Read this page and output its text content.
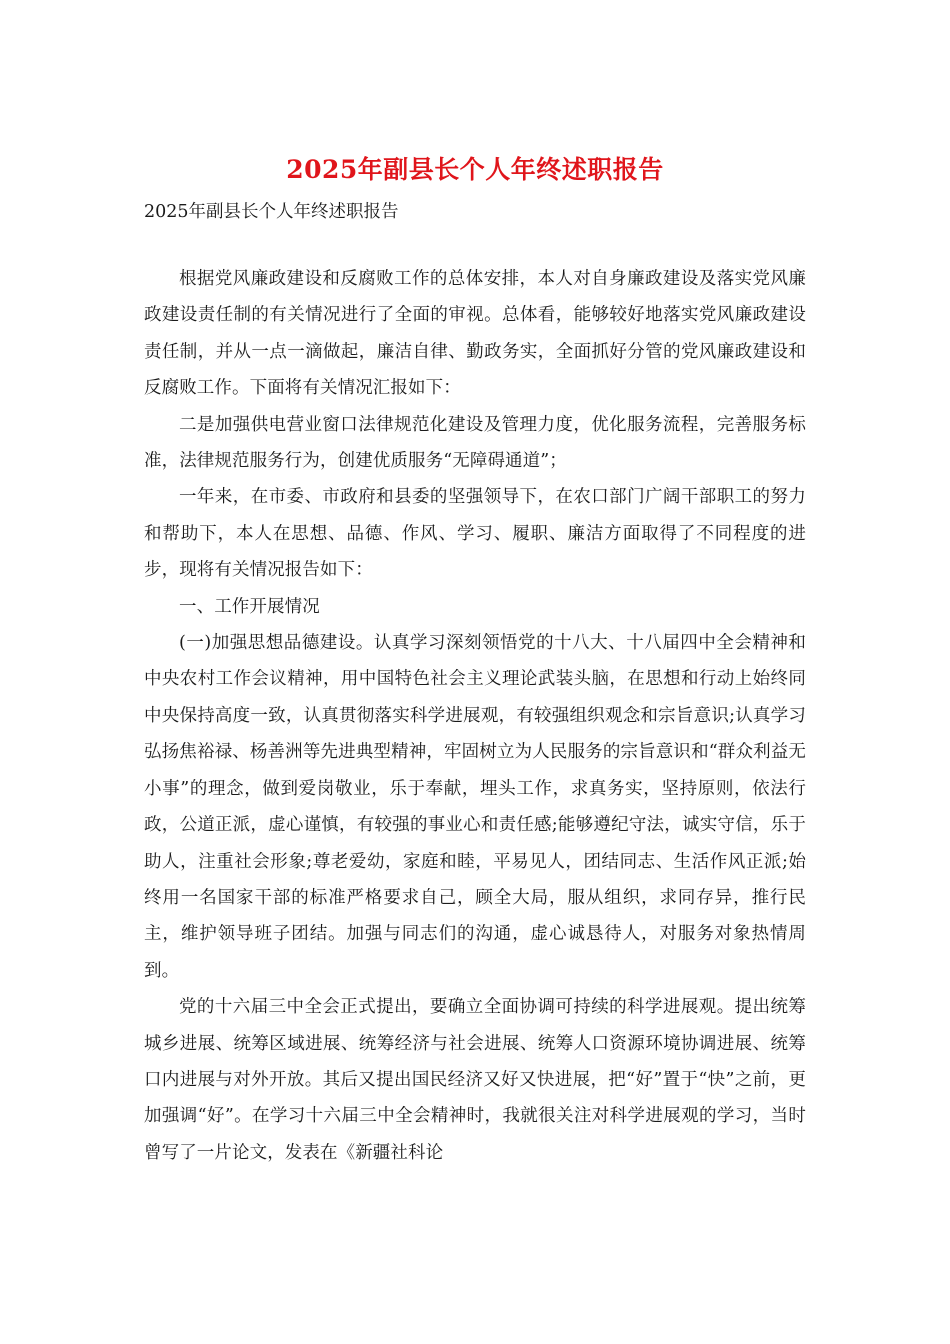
2025年副县长个人年终述职报告

2025年副县长个人年终述职报告

根据党风廉政建设和反腐败工作的总体安排，本人对自身廉政建设及落实党风廉政建设责任制的有关情况进行了全面的审视。总体看，能够较好地落实党风廉政建设责任制，并从一点一滴做起，廉洁自律、勤政务实，全面抓好分管的党风廉政建设和反腐败工作。下面将有关情况汇报如下：

二是加强供电营业窗口法律规范化建设及管理力度，优化服务流程，完善服务标准，法律规范服务行为，创建优质服务“无障碍通道”；

一年来，在市委、市政府和县委的坚强领导下，在农口部门广阔干部职工的努力和帮助下，本人在思想、品德、作风、学习、履职、廉洁方面取得了不同程度的进步，现将有关情况报告如下：

一、工作开展情况

(一)加强思想品德建设。认真学习深刻领悟党的十八大、十八届四中全会精神和中央农村工作会议精神，用中国特色社会主义理论武装头脑，在思想和行动上始终同中央保持高度一致，认真贯彻落实科学进展观，有较强组织观念和宗旨意识;认真学习弘扬焦裕禄、杨善洲等先进典型精神，牢固树立为人民服务的宗旨意识和“群众利益无小事”的理念，做到爱岗敬业，乐于奉献，埋头工作，求真务实，坚持原则，依法行政，公道正派，虚心谨慎，有较强的事业心和责任感;能够遵纪守法，诚实守信，乐于助人，注重社会形象;尊老爱幼，家庭和睦，平易见人，团结同志、生活作风正派;始终用一名国家干部的标准严格要求自己，顾全大局，服从组织，求同存异，推行民主，维护领导班子团结。加强与同志们的沟通，虚心诚恳待人，对服务对象热情周到。

党的十六届三中全会正式提出，要确立全面协调可持续的科学进展观。提出统筹城乡进展、统筹区域进展、统筹经济与社会进展、统筹人口资源环境协调进展、统筹口内进展与对外开放。其后又提出国民经济又好又快进展，把“好”置于“快”之前，更加强调“好”。在学习十六届三中全会精神时，我就很关注对科学进展观的学习，当时曾写了一片论文，发表在《新疆社科论
